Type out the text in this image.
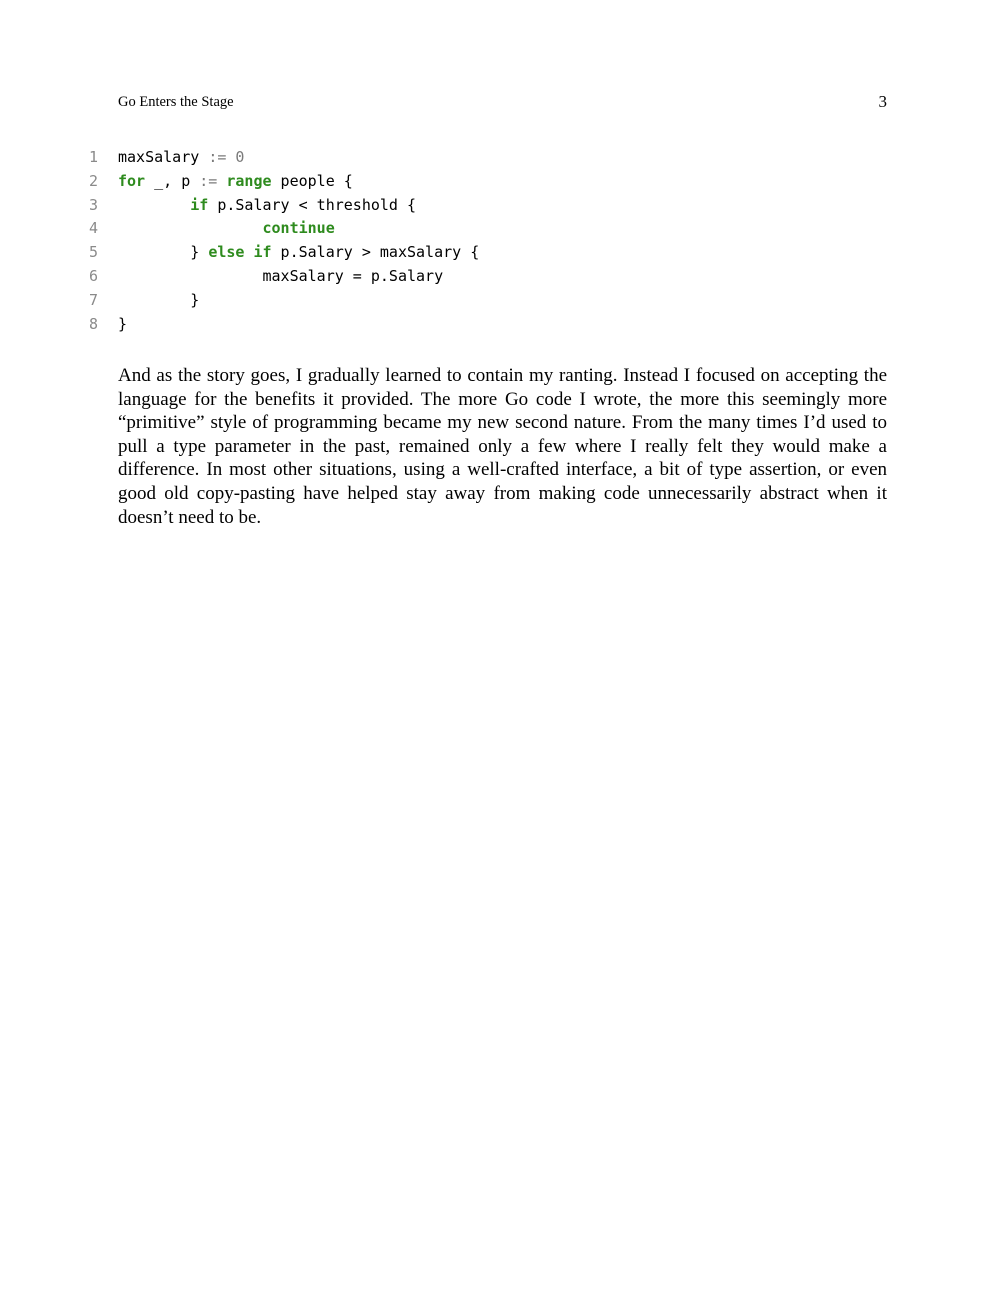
Go Enters the Stage	3
1 maxSalary := 0
2 for _, p := range people {
3	if p.Salary < threshold {
4	continue
5 } else if p.Salary > maxSalary {
6 maxSalary = p.Salary
7 }
8 }

And as the story goes, I gradually learned to contain my ranting. Instead I focused on accepting the language for the benefits it provided. The more Go code I wrote, the more this seemingly more “primitive” style of programming became my new second nature. From the many times I’d used to pull a type parameter in the past, remained only a few where I really felt they would make a difference. In most other situations, using a well-crafted interface, a bit of type assertion, or even good old copy-pasting have helped stay away from making code unnecessarily abstract when it doesn’t need to be.
